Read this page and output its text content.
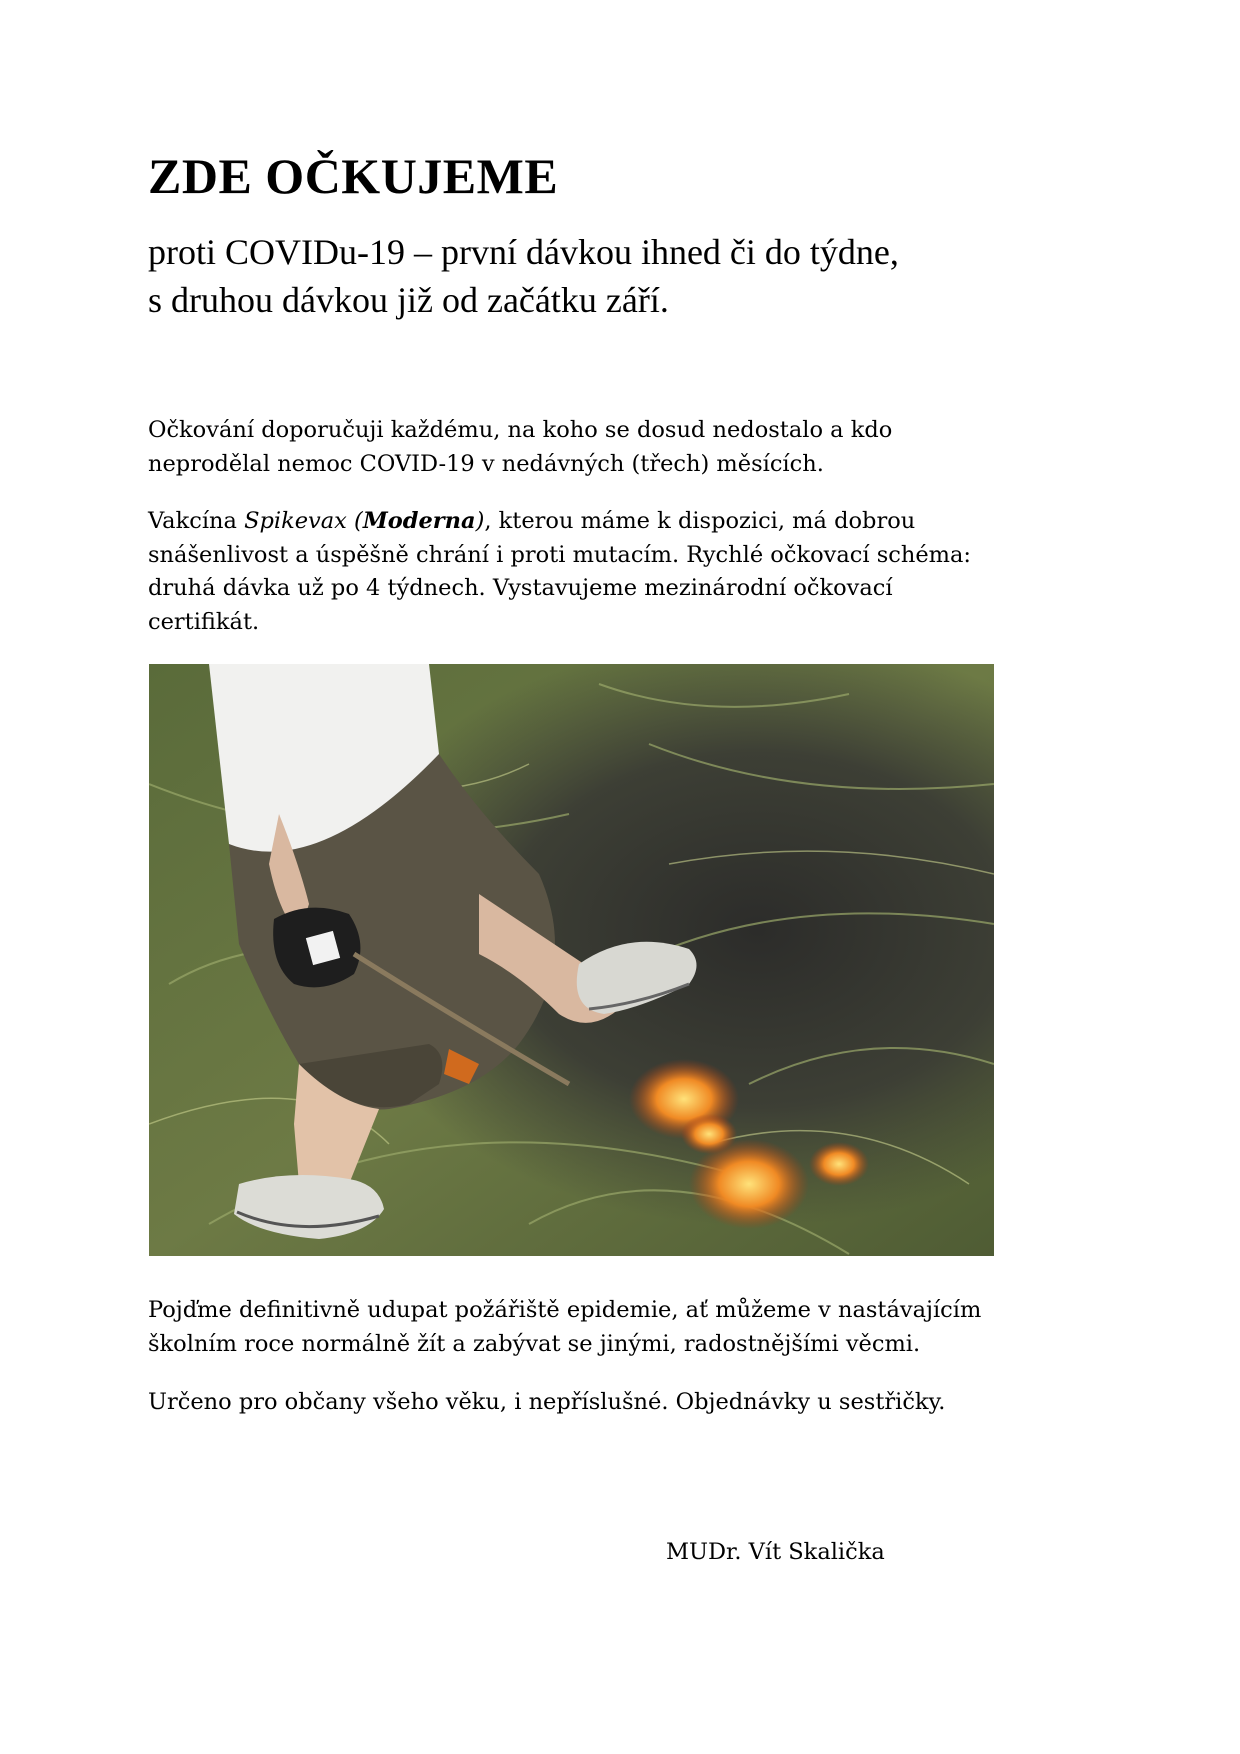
ZDE OČKUJEME

proti COVIDu-19 – první dávkou ihned či do týdne,
s druhou dávkou již od začátku září.

Očkování doporučuji každému, na koho se dosud nedostalo a kdo
neprodělal nemoc COVID-19 v nedávných (třech) měsících.

Vakcína Spikevax (Moderna), kterou máme k dispozici, má dobrou
snášenlivost a úspěšně chrání i proti mutacím. Rychlé očkovací schéma:
druhá dávka už po 4 týdnech. Vystavujeme mezinárodní očkovací
certifikát.

Pojďme definitivně udupat požářiště epidemie, ať můžeme v nastávajícím
školním roce normálně žít a zabývat se jinými, radostnějšími věcmi.

Určeno pro občany všeho věku, i nepříslušné. Objednávky u sestřičky.

MUDr. Vít Skalička
